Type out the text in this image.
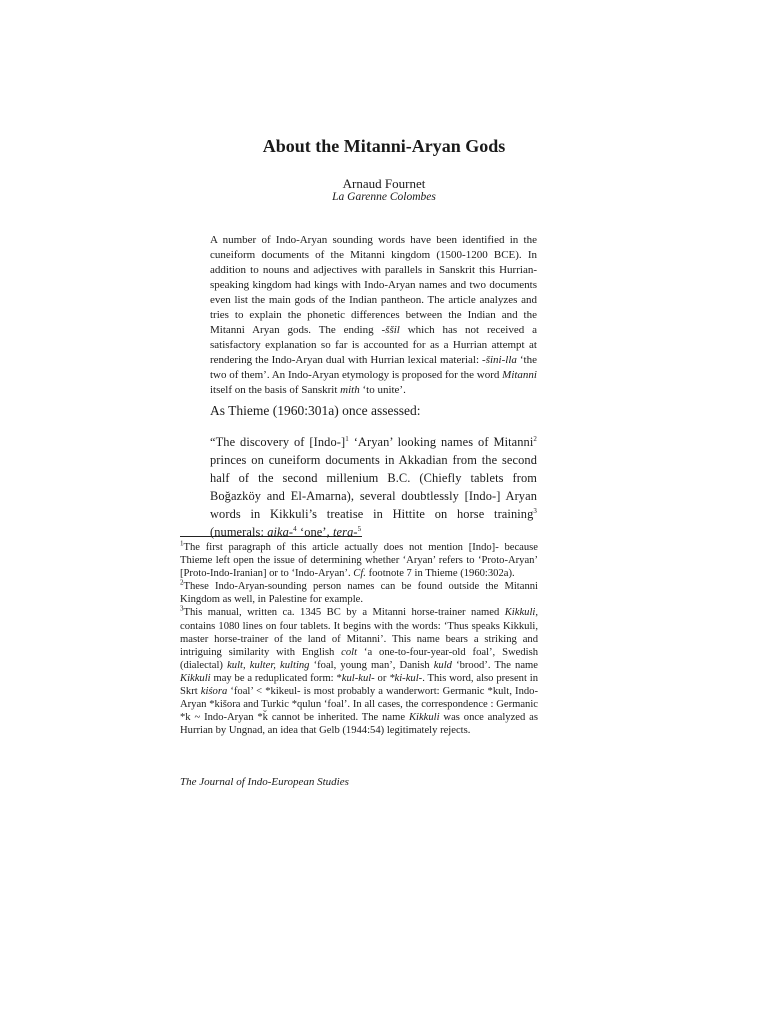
About the Mitanni-Aryan Gods
Arnaud Fournet
La Garenne Colombes

A number of Indo-Aryan sounding words have been identified in the cuneiform documents of the Mitanni kingdom (1500-1200 BCE). In addition to nouns and adjectives with parallels in Sanskrit this Hurrian-speaking kingdom had kings with Indo-Aryan names and two documents even list the main gods of the Indian pantheon. The article analyzes and tries to explain the phonetic differences between the Indian and the Mitanni Aryan gods. The ending -ššil which has not received a satisfactory explanation so far is accounted for as a Hurrian attempt at rendering the Indo-Aryan dual with Hurrian lexical material: -šini-lla ‘the two of them’. An Indo-Aryan etymology is proposed for the word Mitanni itself on the basis of Sanskrit mith ‘to unite’.

As Thieme (1960:301a) once assessed:

“The discovery of [Indo-]$^1$ ‘Aryan’ looking names of Mitanni$^2$ princes on cuneiform documents in Akkadian from the second half of the second millenium B.C. (Chiefly tablets from Boğazköy and El-Amarna), several doubtlessly [Indo-] Aryan words in Kikkuli’s treatise in Hittite on horse training$^3$ (numerals: aika-$^4$ ‘one’, tera-$^5$

$^1$The first paragraph of this article actually does not mention [Indo]- because Thieme left open the issue of determining whether ‘Aryan’ refers to ‘Proto-Aryan’ [Proto-Indo-Iranian] or to ‘Indo-Aryan’. Cf. footnote 7 in Thieme (1960:302a).

$^2$These Indo-Aryan-sounding person names can be found outside the Mitanni Kingdom as well, in Palestine for example.

$^3$This manual, written ca. 1345 BC by a Mitanni horse-trainer named Kikkuli, contains 1080 lines on four tablets. It begins with the words: ‘Thus speaks Kikkuli, master horse-trainer of the land of Mitanni’. This name bears a striking and intriguing similarity with English colt ‘a one-to-four-year-old foal’, Swedish (dialectal) kult, kulter, kulting ‘foal, young man’, Danish kuld ‘brood’. The name Kikkuli may be a reduplicated form: *kul-kul- or *ki-kul-. This word, also present in Skrt kiśora ‘foal’ < *kikeul- is most probably a wanderwort: Germanic *kult, Indo-Aryan *kišora and Turkic *qulun ‘foal’. In all cases, the correspondence : Germanic *k ~ Indo-Aryan *k̆ cannot be inherited. The name Kikkuli was once analyzed as Hurrian by Ungnad, an idea that Gelb (1944:54) legitimately rejects.

The Journal of Indo-European Studies
